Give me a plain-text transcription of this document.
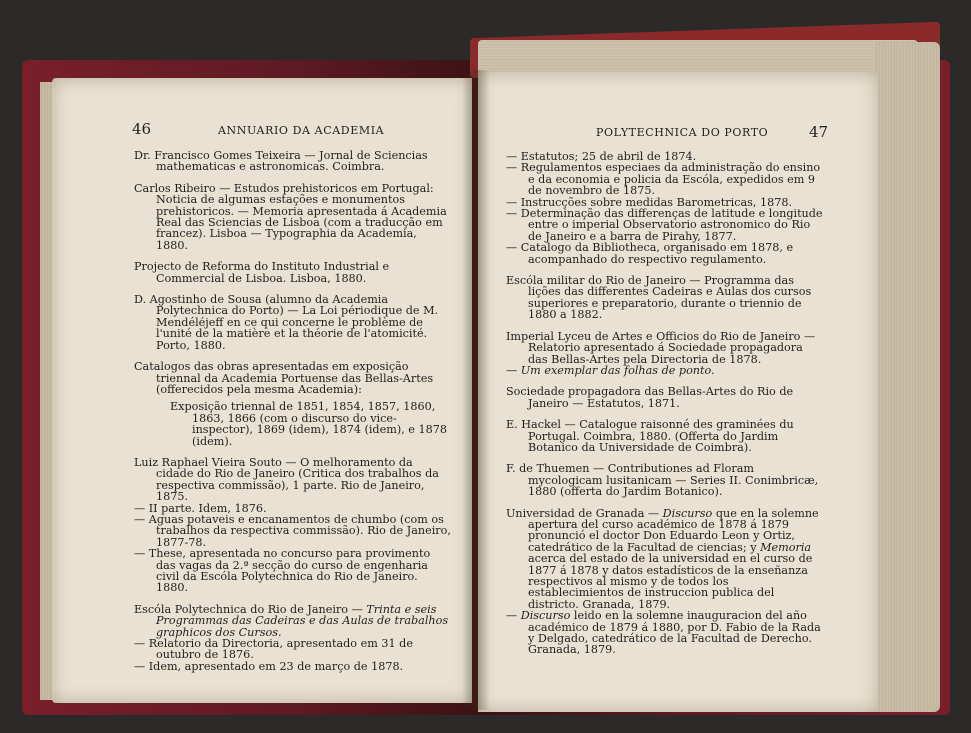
46	ANNUARIO DA ACADEMIA

Dr. Francisco Gomes Teixeira — Jornal de Sciencias mathematicas e astronomicas. Coimbra.

Carlos Ribeiro — Estudos prehistoricos em Portugal: Noticia de algumas estações e monumentos prehistoricos. — Memoria apresentada á Academia Real das Sciencias de Lisboa (com a traducção em francez). Lisboa — Typographia da Academia, 1880.

Projecto de Reforma do Instituto Industrial e Commercial de Lisboa. Lisboa, 1880.

D. Agostinho de Sousa (alumno da Academia Polytechnica do Porto) — La Loi périodique de M. Mendéléjeff en ce qui concerne le problème de l'unité de la matière et la théorie de l'atomicité. Porto, 1880.

Catalogos das obras apresentadas em exposição triennal da Academia Portuense das Bellas-Artes (offerecidos pela mesma Academia):

Exposição triennal de 1851, 1854, 1857, 1860, 1863, 1866 (com o discurso do vice-inspector), 1869 (idem), 1874 (idem), e 1878 (idem).

Luiz Raphael Vieira Souto — O melhoramento da cidade do Rio de Janeiro (Critica dos trabalhos da respectiva commissão), 1 parte. Rio de Janeiro, 1875.

— II parte. Idem, 1876.

— Aguas potaveis e encanamentos de chumbo (com os trabalhos da respectiva commissão). Rio de Janeiro, 1877-78.

— These, apresentada no concurso para provimento das vagas da 2.ª secção do curso de engenharia civil da Escóla Polytechnica do Rio de Janeiro. 1880.

Escóla Polytechnica do Rio de Janeiro — Trinta e seis Programmas das Cadeiras e das Aulas de trabalhos graphicos dos Cursos.

— Relatorio da Directoria, apresentado em 31 de outubro de 1876.

— Idem, apresentado em 23 de março de 1878.

POLYTECHNICA DO PORTO	47

— Estatutos; 25 de abril de 1874.

— Regulamentos especiaes da administração do ensino e da economia e policia da Escóla, expedidos em 9 de novembro de 1875.

— Instrucções sobre medidas Barometricas, 1878.

— Determinação das differenças de latitude e longitude entre o imperial Observatorio astronomico do Rio de Janeiro e a barra de Pirahy, 1877.

— Catalogo da Bibliotheca, organisado em 1878, e acompanhado do respectivo regulamento.

Escóla militar do Rio de Janeiro — Programma das lições das differentes Cadeiras e Aulas dos cursos superiores e preparatorio, durante o triennio de 1880 a 1882.

Imperial Lyceu de Artes e Officios do Rio de Janeiro — Relatorio apresentado á Sociedade propagadora das Bellas-Artes pela Directoria de 1878.

— Um exemplar das folhas de ponto.

Sociedade propagadora das Bellas-Artes do Rio de Janeiro — Estatutos, 1871.

E. Hackel — Catalogue raisonné des graminées du Portugal. Coimbra, 1880. (Offerta do Jardim Botanico da Universidade de Coimbra).

F. de Thuemen — Contributiones ad Floram mycologicam lusitanicam — Series II. Conimbricæ, 1880 (offerta do Jardim Botanico).

Universidad de Granada — Discurso que en la solemne apertura del curso académico de 1878 á 1879 pronunció el doctor Don Eduardo Leon y Ortiz, catedrático de la Facultad de ciencias; y Memoria acerca del estado de la universidad en el curso de 1877 á 1878 y datos estadísticos de la enseñanza respectivos al mismo y de todos los establecimientos de instruccion publica del districto. Granada, 1879.

— Discurso leido en la solemne inauguracion del año académico de 1879 á 1880, por D. Fabio de la Rada y Delgado, catedrático de la Facultad de Derecho. Granada, 1879.
